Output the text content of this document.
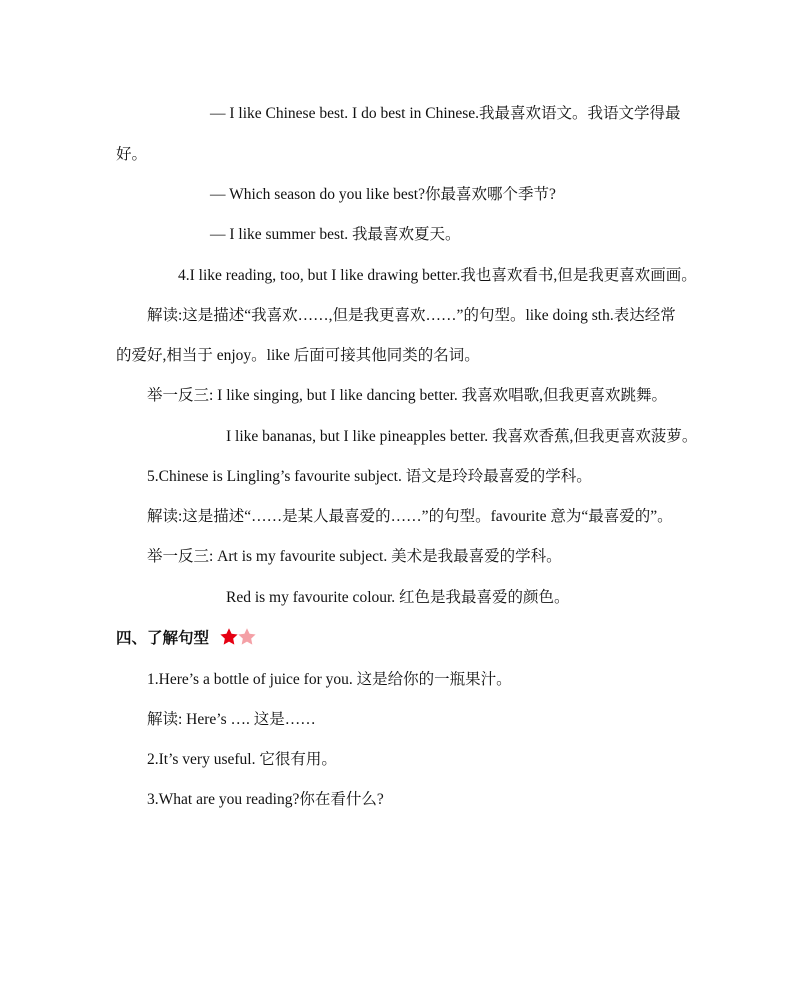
— I like Chinese best. I do best in Chinese.我最喜欢语文。我语文学得最
好。
— Which season do you like best?你最喜欢哪个季节?
— I like summer best. 我最喜欢夏天。
4.I like reading, too, but I like drawing better.我也喜欢看书,但是我更喜欢画画。
解读:这是描述“我喜欢……,但是我更喜欢……”的句型。like doing sth.表达经常
的爱好,相当于 enjoy。like 后面可接其他同类的名词。
举一反三: I like singing, but I like dancing better. 我喜欢唱歌,但我更喜欢跳舞。
I like bananas, but I like pineapples better. 我喜欢香蕉,但我更喜欢菠萝。
5.Chinese is Lingling’s favourite subject. 语文是玲玲最喜爱的学科。
解读:这是描述“……是某人最喜爱的……”的句型。favourite 意为“最喜爱的”。
举一反三: Art is my favourite subject. 美术是我最喜爱的学科。
Red is my favourite colour. 红色是我最喜爱的颜色。
四、了解句型
1.Here’s a bottle of juice for you. 这是给你的一瓶果汁。
解读: Here’s …. 这是……
2.It’s very useful. 它很有用。
3.What are you reading?你在看什么?
